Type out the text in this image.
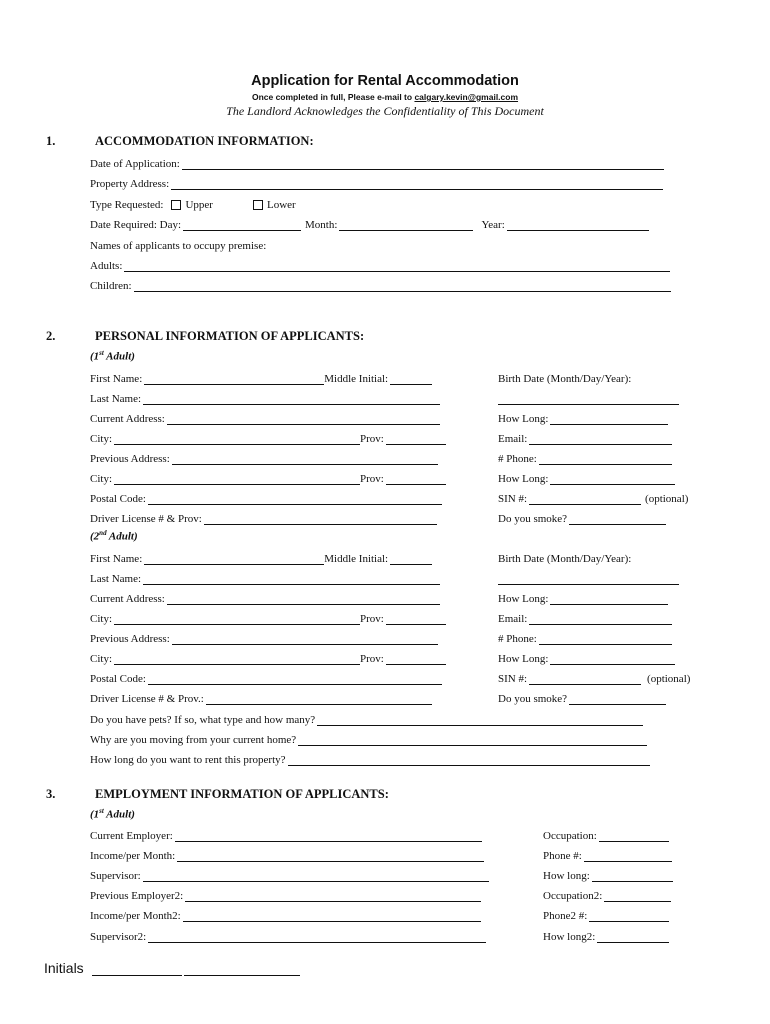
Application for Rental Accommodation
Once completed in full, Please e-mail to calgary.kevin@gmail.com
The Landlord Acknowledges the Confidentiality of This Document
1.	ACCOMMODATION INFORMATION:
Date of Application:
Property Address:
Type Requested: Upper	Lower
Date Required: Day:	Month:	Year:
Names of applicants to occupy premise:
Adults:
Children:
2.	PERSONAL INFORMATION OF APPLICANTS:
(1st Adult)
First Name:	Middle Initial:
Last Name:
Current Address:
City:	Prov:
Previous Address:
City:	Prov:
Postal Code:
Driver License # & Prov:
Birth Date (Month/Day/Year):
How Long:
Email:
# Phone:
How Long:
SIN #:	(optional)
Do you smoke?
(2nd Adult)
First Name:	Middle Initial:
Last Name:
Current Address:
City:	Prov:
Previous Address:
City:	Prov:
Postal Code:
Driver License # & Prov.:
Birth Date (Month/Day/Year):
How Long:
Email:
# Phone:
How Long:
SIN #:	(optional)
Do you smoke?
Do you have pets? If so, what type and how many?
Why are you moving from your current home?
How long do you want to rent this property?
3.	EMPLOYMENT INFORMATION OF APPLICANTS:
(1st Adult)
Current Employer:
Income/per Month:
Supervisor:
Previous Employer2:
Income/per Month2:
Supervisor2:
Occupation:
Phone #:
How long:
Occupation2:
Phone2 #:
How long2:
Initials
